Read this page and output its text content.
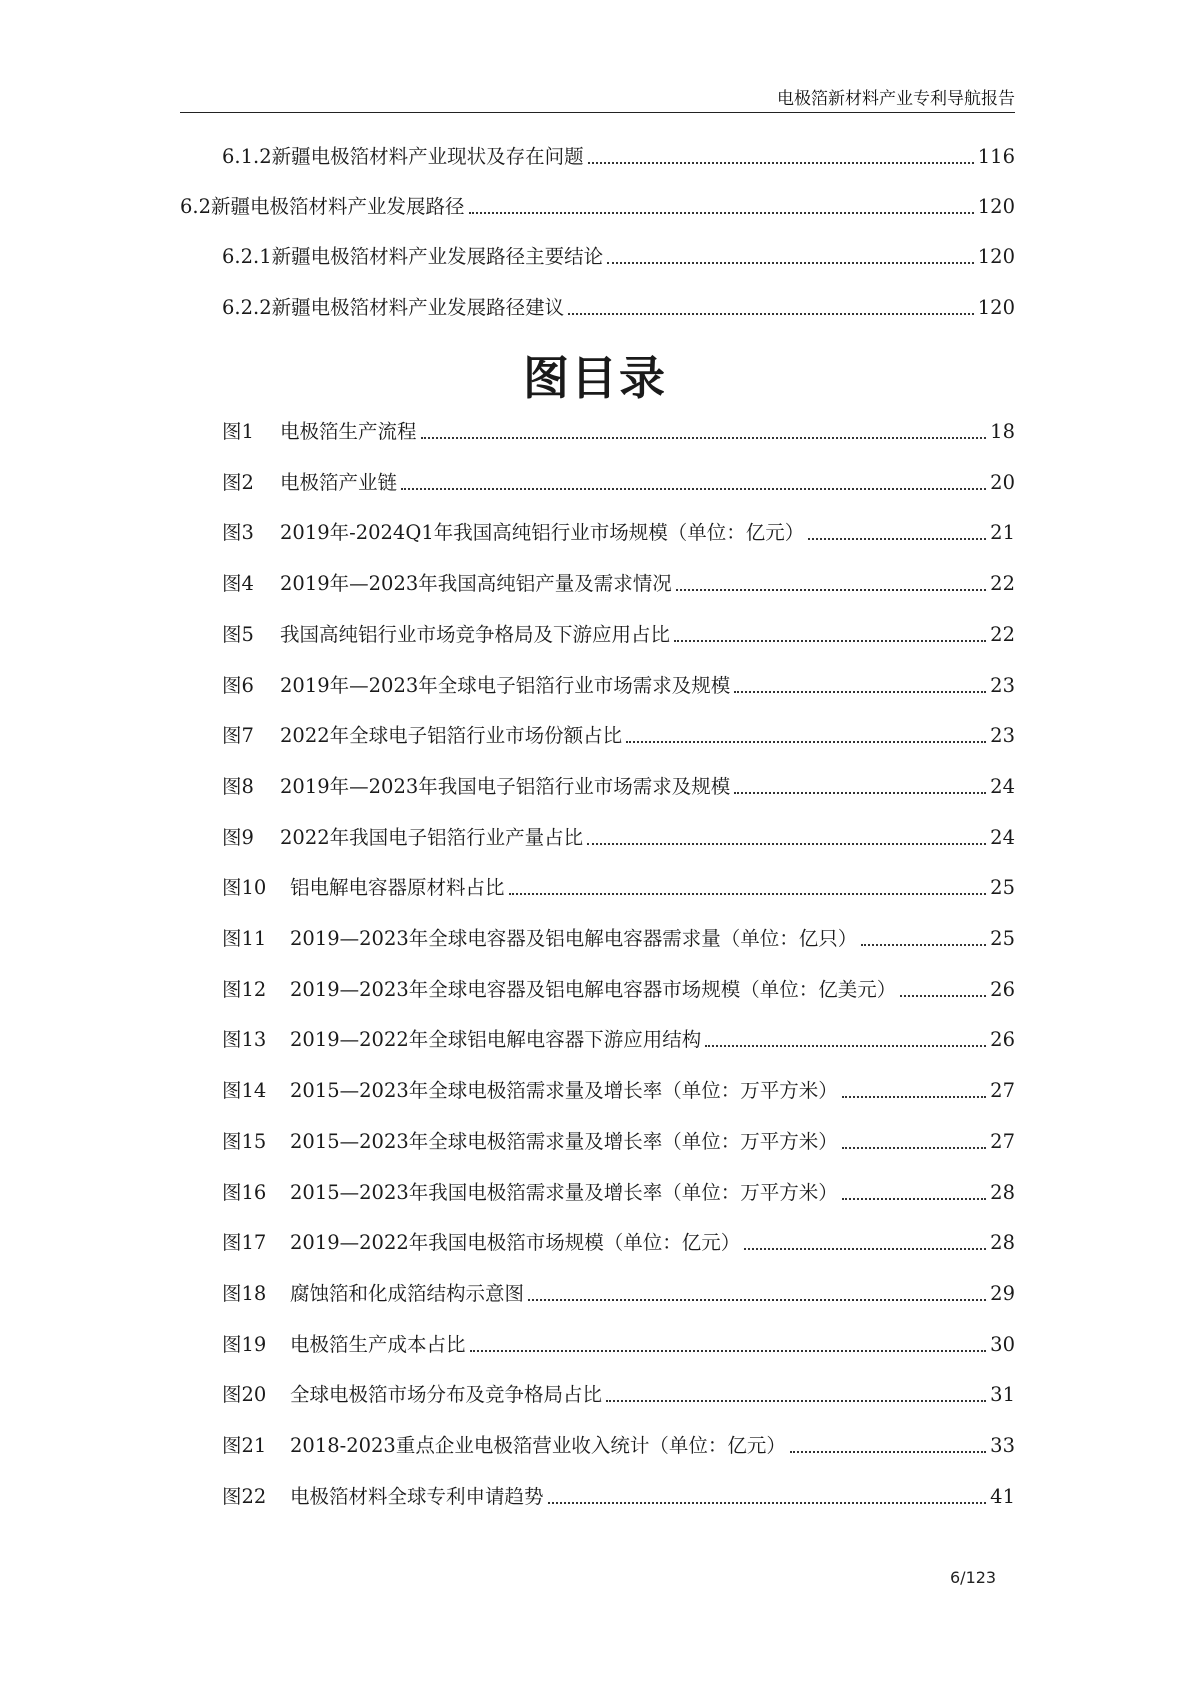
电极箔新材料产业专利导航报告
6.1.2新疆电极箔材料产业现状及存在问题	116
6.2新疆电极箔材料产业发展路径	120
6.2.1新疆电极箔材料产业发展路径主要结论	120
6.2.2新疆电极箔材料产业发展路径建议	120
图目录
图1 电极箔生产流程	18
图2 电极箔产业链	20
图3 2019年-2024Q1年我国高纯铝行业市场规模（单位：亿元）	21
图4 2019年—2023年我国高纯铝产量及需求情况	22
图5 我国高纯铝行业市场竞争格局及下游应用占比	22
图6 2019年—2023年全球电子铝箔行业市场需求及规模	23
图7 2022年全球电子铝箔行业市场份额占比	23
图8 2019年—2023年我国电子铝箔行业市场需求及规模	24
图9 2022年我国电子铝箔行业产量占比	24
图10 铝电解电容器原材料占比	25
图11 2019—2023年全球电容器及铝电解电容器需求量（单位：亿只）	25
图12 2019—2023年全球电容器及铝电解电容器市场规模（单位：亿美元）	26
图13 2019—2022年全球铝电解电容器下游应用结构	26
图14 2015—2023年全球电极箔需求量及增长率（单位：万平方米）	27
图15 2015—2023年全球电极箔需求量及增长率（单位：万平方米）	27
图16 2015—2023年我国电极箔需求量及增长率（单位：万平方米）	28
图17 2019—2022年我国电极箔市场规模（单位：亿元）	28
图18 腐蚀箔和化成箔结构示意图	29
图19 电极箔生产成本占比	30
图20 全球电极箔市场分布及竞争格局占比	31
图21 2018-2023重点企业电极箔营业收入统计（单位：亿元）	33
图22 电极箔材料全球专利申请趋势	41
6/123
